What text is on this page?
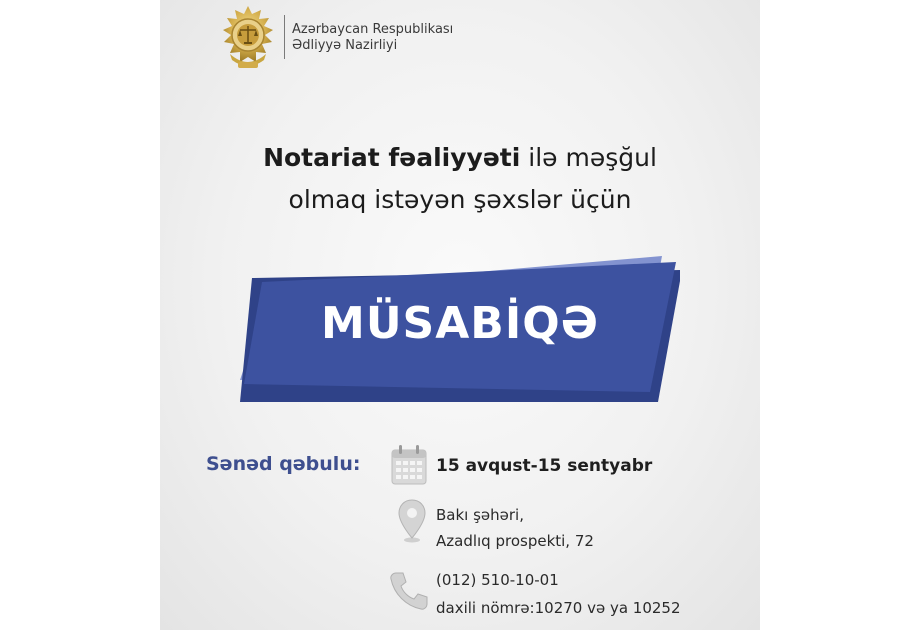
Azərbaycan Respublikası
Ədliyyə Nazirliyi
Notariat fəaliyyəti ilə məşğul
olmaq istəyən şəxslər üçün
MÜSABİQƏ
Sənəd qəbulu:	15 avqust-15 sentyabr
Bakı şəhəri,
Azadlıq prospekti, 72
(012) 510-10-01
daxili nömrə:10270 və ya 10252
